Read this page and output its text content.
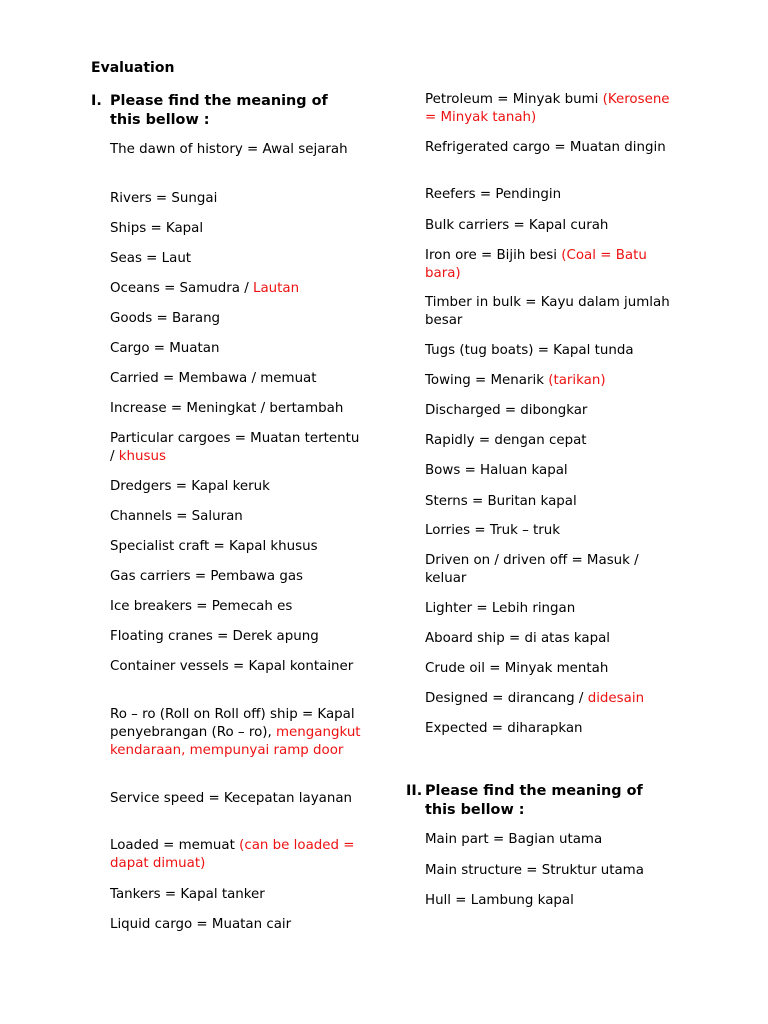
Evaluation
I. Please find the meaning of this bellow :
The dawn of history = Awal sejarah
Rivers = Sungai
Ships = Kapal
Seas = Laut
Oceans = Samudra / Lautan
Goods = Barang
Cargo = Muatan
Carried = Membawa / memuat
Increase = Meningkat / bertambah
Particular cargoes = Muatan tertentu / khusus
Dredgers = Kapal keruk
Channels = Saluran
Specialist craft = Kapal khusus
Gas carriers = Pembawa gas
Ice breakers = Pemecah es
Floating cranes = Derek apung
Container vessels = Kapal kontainer
Ro – ro (Roll on Roll off) ship = Kapal penyebrangan (Ro – ro), mengangkut kendaraan, mempunyai ramp door
Service speed = Kecepatan layanan
Loaded = memuat (can be loaded = dapat dimuat)
Tankers = Kapal tanker
Liquid cargo = Muatan cair
Petroleum = Minyak bumi (Kerosene = Minyak tanah)
Refrigerated cargo = Muatan dingin
Reefers = Pendingin
Bulk carriers = Kapal curah
Iron ore = Bijih besi (Coal = Batu bara)
Timber in bulk = Kayu dalam jumlah besar
Tugs (tug boats) = Kapal tunda
Towing = Menarik (tarikan)
Discharged = dibongkar
Rapidly = dengan cepat
Bows = Haluan kapal
Sterns = Buritan kapal
Lorries = Truk – truk
Driven on / driven off = Masuk / keluar
Lighter = Lebih ringan
Aboard ship = di atas kapal
Crude oil = Minyak mentah
Designed = dirancang / didesain
Expected = diharapkan
II. Please find the meaning of this bellow :
Main part = Bagian utama
Main structure = Struktur utama
Hull = Lambung kapal
